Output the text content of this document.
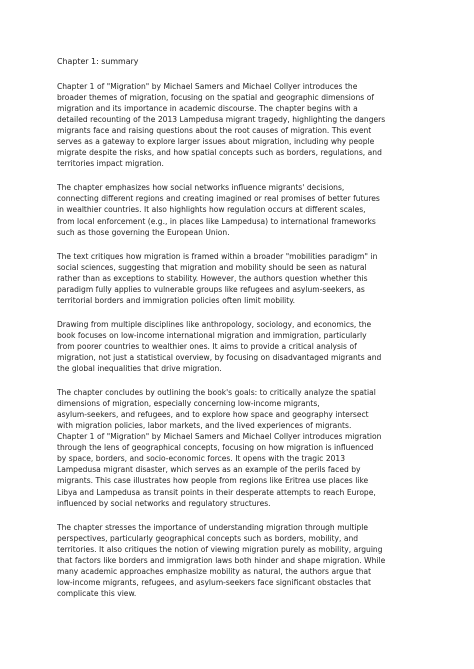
Chapter 1: summary
Chapter 1 of "Migration" by Michael Samers and Michael Collyer introduces the
broader themes of migration, focusing on the spatial and geographic dimensions of
migration and its importance in academic discourse. The chapter begins with a
detailed recounting of the 2013 Lampedusa migrant tragedy, highlighting the dangers
migrants face and raising questions about the root causes of migration. This event
serves as a gateway to explore larger issues about migration, including why people
migrate despite the risks, and how spatial concepts such as borders, regulations, and
territories impact migration.
The chapter emphasizes how social networks influence migrants' decisions,
connecting different regions and creating imagined or real promises of better futures
in wealthier countries. It also highlights how regulation occurs at different scales,
from local enforcement (e.g., in places like Lampedusa) to international frameworks
such as those governing the European Union.
The text critiques how migration is framed within a broader "mobilities paradigm" in
social sciences, suggesting that migration and mobility should be seen as natural
rather than as exceptions to stability. However, the authors question whether this
paradigm fully applies to vulnerable groups like refugees and asylum-seekers, as
territorial borders and immigration policies often limit mobility.
Drawing from multiple disciplines like anthropology, sociology, and economics, the
book focuses on low-income international migration and immigration, particularly
from poorer countries to wealthier ones. It aims to provide a critical analysis of
migration, not just a statistical overview, by focusing on disadvantaged migrants and
the global inequalities that drive migration.
The chapter concludes by outlining the book's goals: to critically analyze the spatial
dimensions of migration, especially concerning low-income migrants,
asylum-seekers, and refugees, and to explore how space and geography intersect
with migration policies, labor markets, and the lived experiences of migrants.
Chapter 1 of "Migration" by Michael Samers and Michael Collyer introduces migration
through the lens of geographical concepts, focusing on how migration is influenced
by space, borders, and socio-economic forces. It opens with the tragic 2013
Lampedusa migrant disaster, which serves as an example of the perils faced by
migrants. This case illustrates how people from regions like Eritrea use places like
Libya and Lampedusa as transit points in their desperate attempts to reach Europe,
influenced by social networks and regulatory structures.
The chapter stresses the importance of understanding migration through multiple
perspectives, particularly geographical concepts such as borders, mobility, and
territories. It also critiques the notion of viewing migration purely as mobility, arguing
that factors like borders and immigration laws both hinder and shape migration. While
many academic approaches emphasize mobility as natural, the authors argue that
low-income migrants, refugees, and asylum-seekers face significant obstacles that
complicate this view.
